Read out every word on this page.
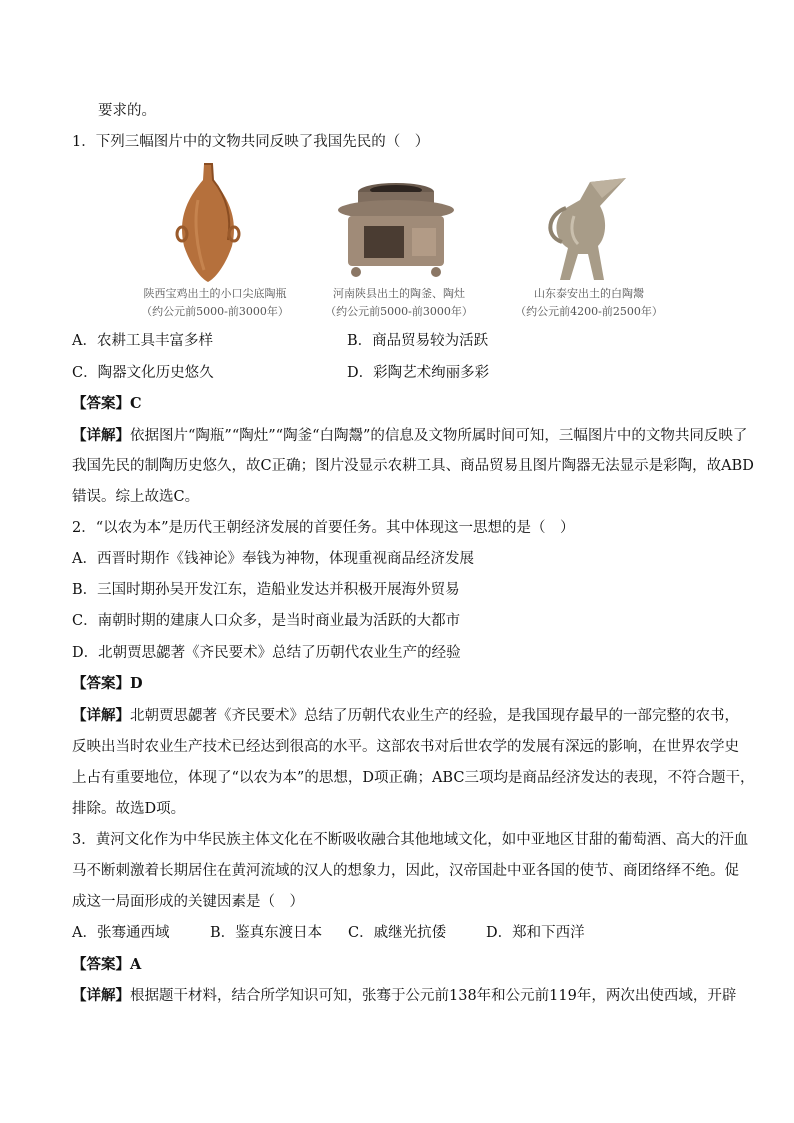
要求的。
1．下列三幅图片中的文物共同反映了我国先民的（　）
陕西宝鸡出土的小口尖底陶瓶
（约公元前5000-前3000年）
河南陕县出土的陶釜、陶灶
（约公元前5000-前3000年）
山东泰安出土的白陶鬶
（约公元前4200-前2500年）
A．农耕工具丰富多样	B．商品贸易较为活跃
C．陶器文化历史悠久	D．彩陶艺术绚丽多彩
【答案】C
【详解】依据图片“陶瓶”“陶灶”“陶釜“白陶鬶”的信息及文物所属时间可知，三幅图片中的文物共同反映了
我国先民的制陶历史悠久，故C正确；图片没显示农耕工具、商品贸易且图片陶器无法显示是彩陶，故ABD
错误。综上故选C。
2．“以农为本”是历代王朝经济发展的首要任务。其中体现这一思想的是（　）
A．西晋时期作《钱神论》奉钱为神物，体现重视商品经济发展
B．三国时期孙吴开发江东，造船业发达并积极开展海外贸易
C．南朝时期的建康人口众多，是当时商业最为活跃的大都市
D．北朝贾思勰著《齐民要术》总结了历朝代农业生产的经验
【答案】D
【详解】北朝贾思勰著《齐民要术》总结了历朝代农业生产的经验，是我国现存最早的一部完整的农书，
反映出当时农业生产技术已经达到很高的水平。这部农书对后世农学的发展有深远的影响，在世界农学史
上占有重要地位，体现了“以农为本”的思想，D项正确；ABC三项均是商品经济发达的表现，不符合题干，
排除。故选D项。
3．黄河文化作为中华民族主体文化在不断吸收融合其他地域文化，如中亚地区甘甜的葡萄酒、高大的汗血
马不断刺激着长期居住在黄河流域的汉人的想象力，因此，汉帝国赴中亚各国的使节、商团络绎不绝。促
成这一局面形成的关键因素是（　）
A．张骞通西域	B．鉴真东渡日本 C．戚继光抗倭	D．郑和下西洋
【答案】A
【详解】根据题干材料，结合所学知识可知，张骞于公元前138年和公元前119年，两次出使西域，开辟
